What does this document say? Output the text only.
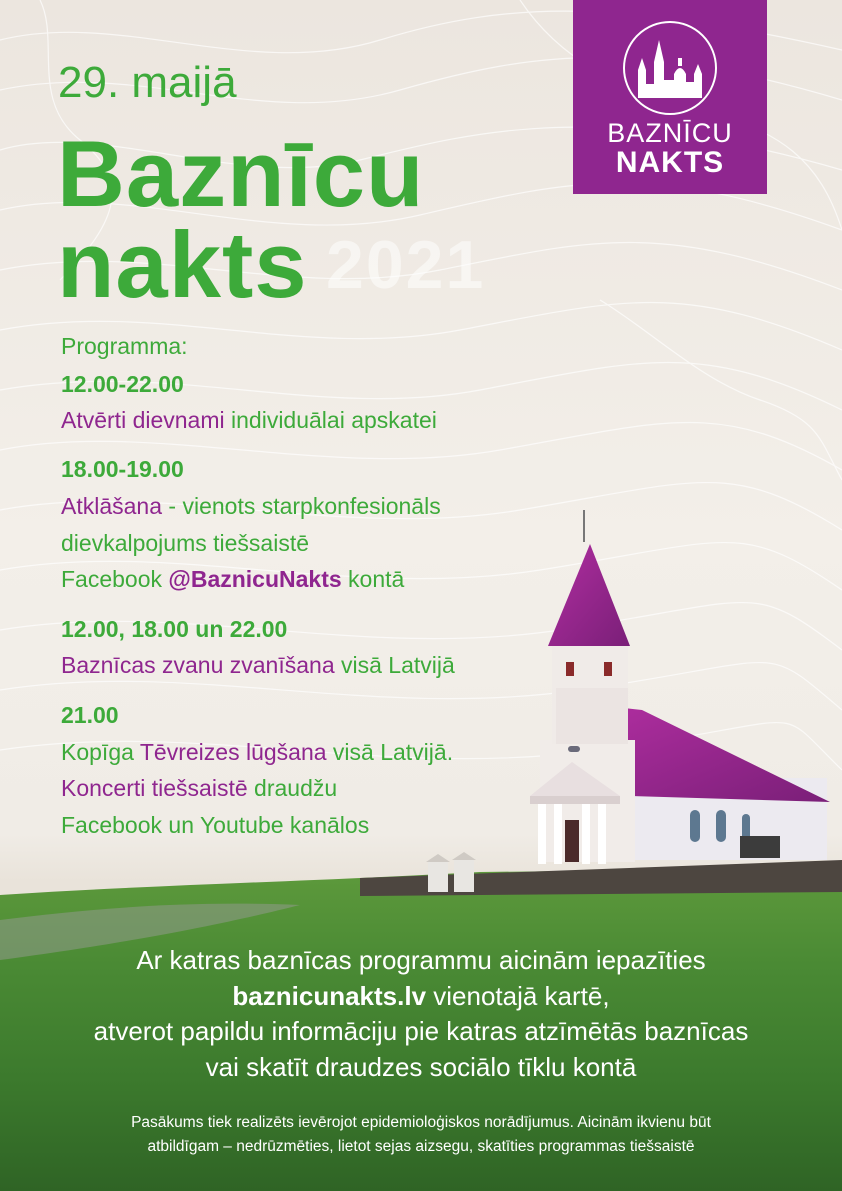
29. maijā
Baznīcu
nakts 2021
BAZNĪCU
NAKTS
Programma:
12.00-22.00
Atvērti dievnami individuālai apskatei
18.00-19.00
Atklāšana - vienots starpkonfesionāls
dievkalpojums tiešsaistē
Facebook @BaznicuNakts kontā
12.00, 18.00 un 22.00
Baznīcas zvanu zvanīšana visā Latvijā
21.00
Kopīga Tēvreizes lūgšana visā Latvijā.
Koncerti tiešsaistē draudžu
Facebook un Youtube kanālos
Ar katras baznīcas programmu aicinām iepazīties
baznicunakts.lv vienotajā kartē,
atverot papildu informāciju pie katras atzīmētās baznīcas
vai skatīt draudzes sociālo tīklu kontā
Pasākums tiek realizēts ievērojot epidemioloģiskos norādījumus. Aicinām ikvienu būt
atbildīgam – nedrūzmēties, lietot sejas aizsegu, skatīties programmas tiešsaistē
